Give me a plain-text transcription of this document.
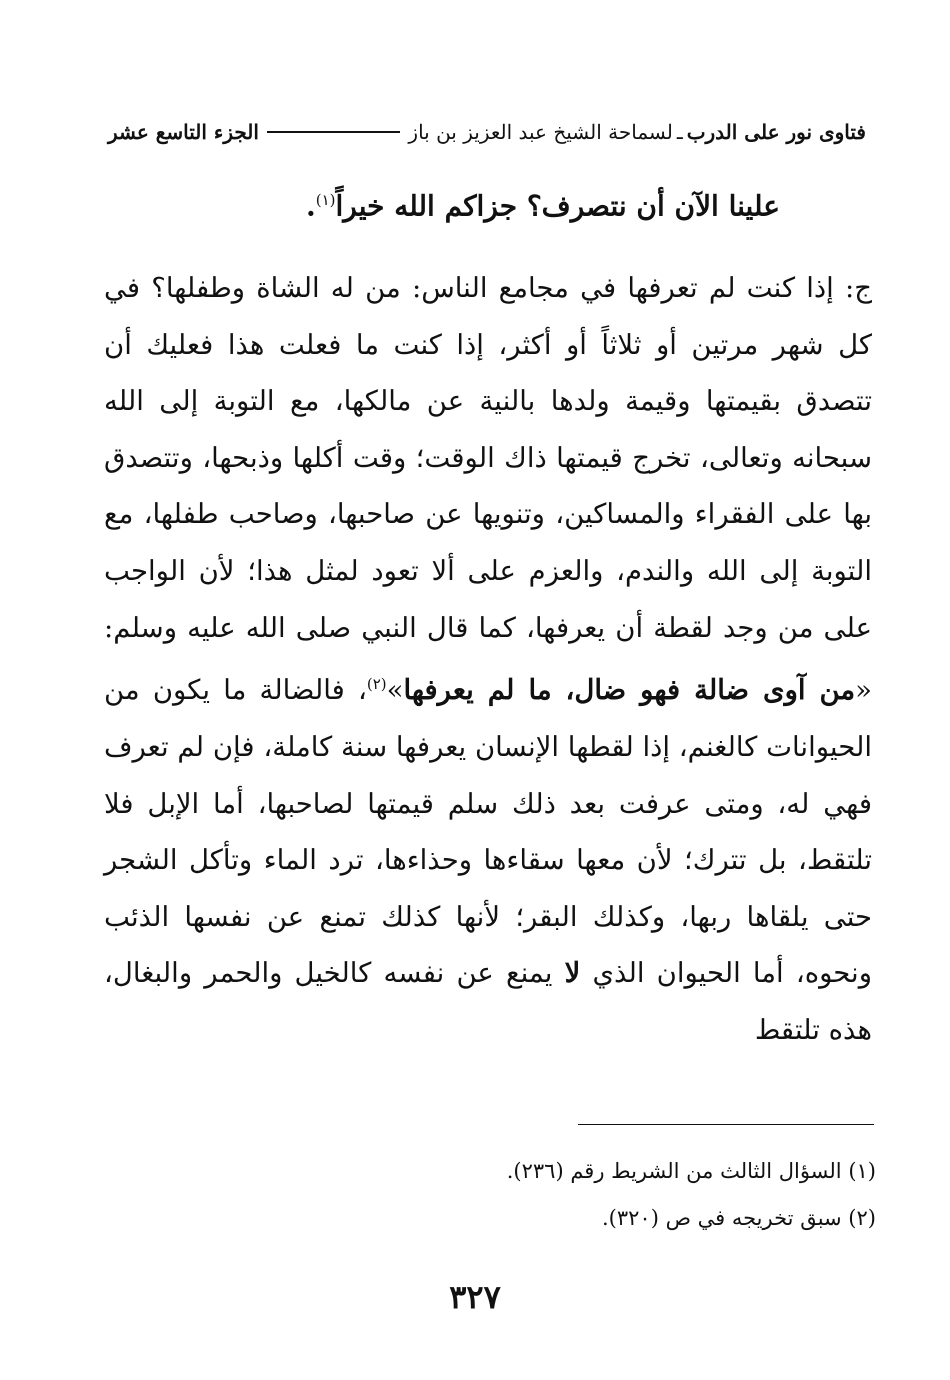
فتاوى نور على الدرب
ـ
لسماحة الشيخ عبد العزيز بن باز
الجزء التاسع عشر
علينا الآن أن نتصرف؟ جزاكم الله خيراً$^{(١)}$.
ج: إذا كنت لم تعرفها في مجامع الناس: من له الشاة وطفلها؟ في كل شهر مرتين أو ثلاثاً أو أكثر، إذا كنت ما فعلت هذا فعليك أن تتصدق بقيمتها وقيمة ولدها بالنية عن مالكها، مع التوبة إلى الله سبحانه وتعالى، تخرج قيمتها ذاك الوقت؛ وقت أكلها وذبحها، وتتصدق بها على الفقراء والمساكين، وتنويها عن صاحبها، وصاحب طفلها، مع التوبة إلى الله والندم، والعزم على ألا تعود لمثل هذا؛ لأن الواجب على من وجد لقطة أن يعرفها، كما قال النبي صلى الله عليه وسلم: «من آوى ضالة فهو ضال، ما لم يعرفها»$^{(٢)}$، فالضالة ما يكون من الحيوانات كالغنم، إذا لقطها الإنسان يعرفها سنة كاملة، فإن لم تعرف فهي له، ومتى عرفت بعد ذلك سلم قيمتها لصاحبها، أما الإبل فلا تلتقط، بل تترك؛ لأن معها سقاءها وحذاءها، ترد الماء وتأكل الشجر حتى يلقاها ربها، وكذلك البقر؛ لأنها كذلك تمنع عن نفسها الذئب ونحوه، أما الحيوان الذي لا يمنع عن نفسه كالخيل والحمر والبغال، هذه تلتقط
(١) السؤال الثالث من الشريط رقم (٢٣٦).
(٢) سبق تخريجه في ص (٣٢٠).
٣٢٧
